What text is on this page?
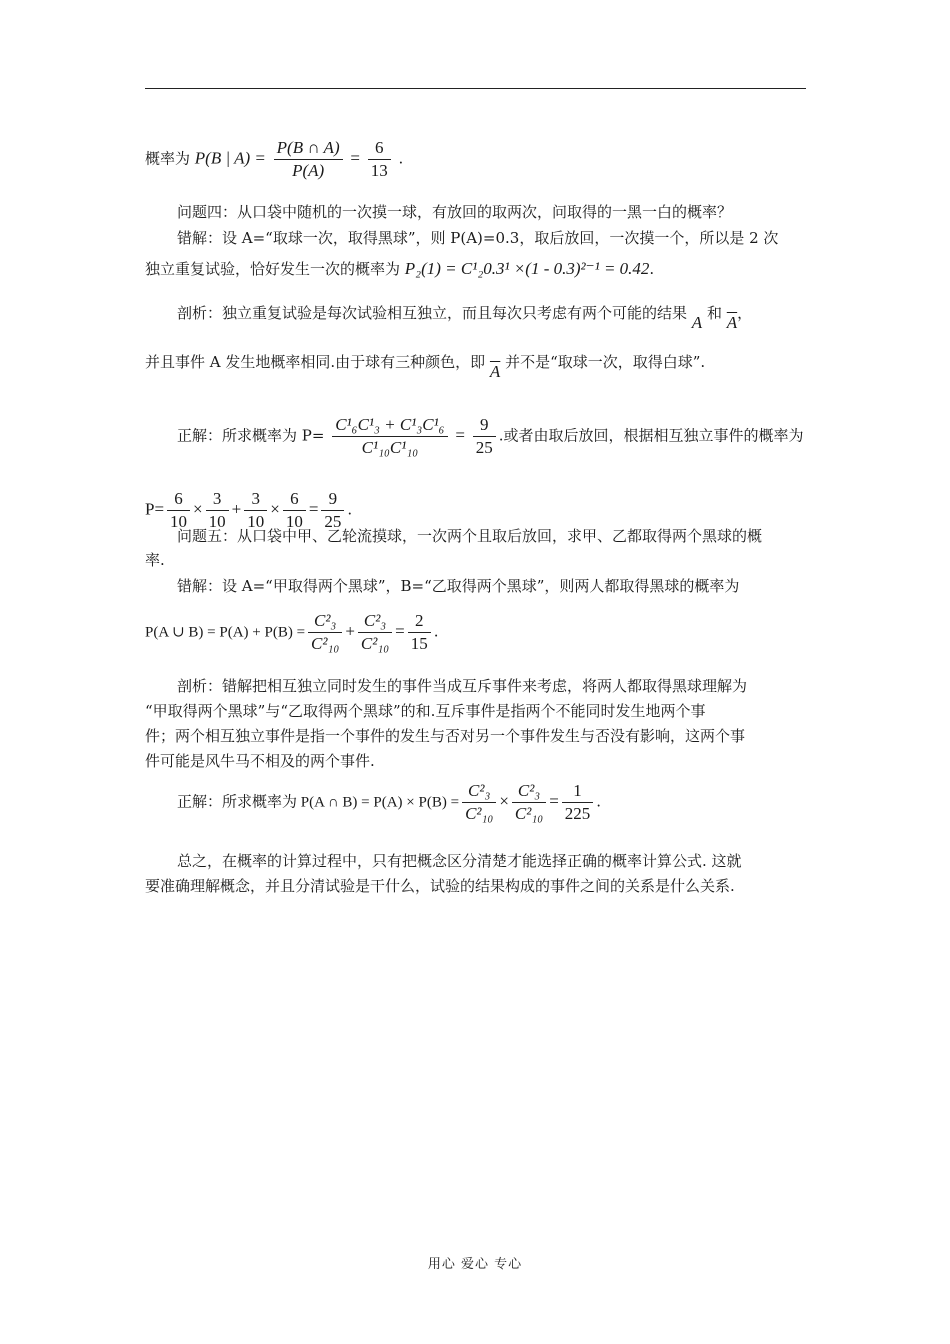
概率为 P(B | $A) = \frac{P(B \cap A)}{P(A)} = \frac{6}{13}$ .
问题四：从口袋中随机的一次摸一球，有放回的取两次，问取得的一黑一白的概率？
错解：设 A=“取球一次，取得黑球”，则 P(A)=0.3，取后放回，一次摸一个，所以是 2 次
独立重复试验，恰好发生一次的概率为 P₂(1) = C¹₂0.3¹ ×(1 - 0.3)²⁻¹ = 0.42.
剖析：独立重复试验是每次试验相互独立，而且每次只考虑有两个可能的结果 A 和 $\overline{A}$，
并且事件 A 发生地概率相同.由于球有三种颜色，即 $\overline{A}$ 并不是“取球一次，取得白球”.
正解：所求概率为 $P= \frac{\text{C¹₆C¹₃ + C¹₃C¹₆}}{\text{C¹₁₀C¹₁₀}} = \frac{9}{25}$ .或者由取后放回，根据相互独立事件的概率为
$P= \frac{6}{10} \times \frac{3}{10} + \frac{3}{10} \times \frac{6}{10} = \frac{9}{25}$ .
问题五：从口袋中甲、乙轮流摸球，一次两个且取后放回，求甲、乙都取得两个黑球的概
率.
错解：设 A=“甲取得两个黑球”，B=“乙取得两个黑球”，则两人都取得黑球的概率为
P(A ∪ $B) = P(A) + P(B) = \frac{\text{C²₃}}{\text{C²₁₀}} + \frac{\text{C²₃}}{\text{C²₁₀}} = \frac{2}{15}$ .
剖析：错解把相互独立同时发生的事件当成互斥事件来考虑，将两人都取得黑球理解为
“甲取得两个黑球”与“乙取得两个黑球”的和.互斥事件是指两个不能同时发生地两个事
件；两个相互独立事件是指一个事件的发生与否对另一个事件发生与否没有影响，这两个事
件可能是风牛马不相及的两个事件.
正解：所求概率为 P(A ∩ $B) = P(A) \times P(B) = \frac{\text{C²₃}}{\text{C²₁₀}} \times \frac{\text{C²₃}}{\text{C²₁₀}} = \frac{1}{225}$ .
总之，在概率的计算过程中，只有把概念区分清楚才能选择正确的概率计算公式. 这就
要准确理解概念，并且分清试验是干什么，试验的结果构成的事件之间的关系是什么关系.
用心 爱心 专心
